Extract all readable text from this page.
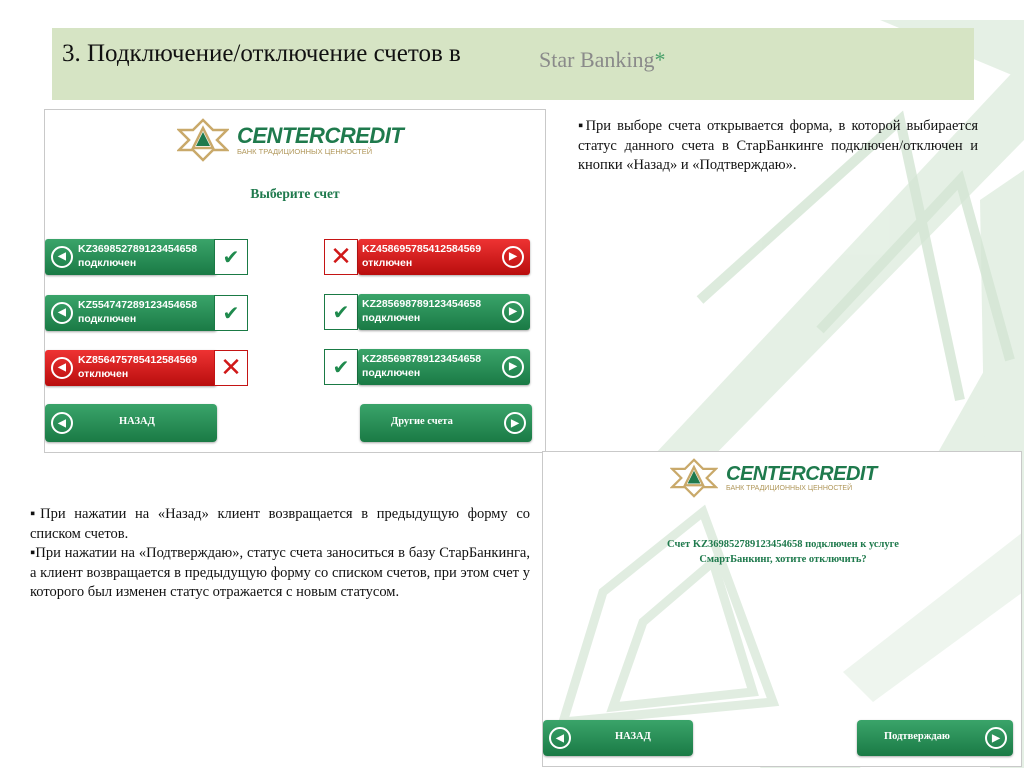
3. Подключение/отключение счетов в	Star Banking*
CENTERCREDIT
БАНК ТРАДИЦИОННЫХ ЦЕННОСТЕЙ
Выберите счет
◀
KZ369852789123454658
подключен	✔
◀
KZ554747289123454658
подключен	✔
◀
KZ856475785412584569
отключен	✕
✕ KZ458695785412584569
отключен
▶
✔	KZ285698789123454658
подключен
▶
✔	KZ285698789123454658
подключен
▶
◀	НАЗАД	Другие счета	▶
▪При выборе счета открывается форма, в которой выбирается статус данного счета в СтарБанкинге подключен/отключен и кнопки «Назад» и «Подтверждаю».
▪При нажатии на «Назад» клиент возвращается в предыдущую форму со списком счетов.
▪При нажатии на «Подтверждаю», статус счета заноситься в базу СтарБанкинга, а клиент возвращается в предыдущую форму со списком счетов, при этом счет у которого был изменен статус отражается с новым статусом.
CENTERCREDIT
БАНК ТРАДИЦИОННЫХ ЦЕННОСТЕЙ
Счет KZ369852789123454658 подключен к услуге
СмартБанкинг, хотите отключить?
◀	НАЗАД	Подтверждаю	▶
